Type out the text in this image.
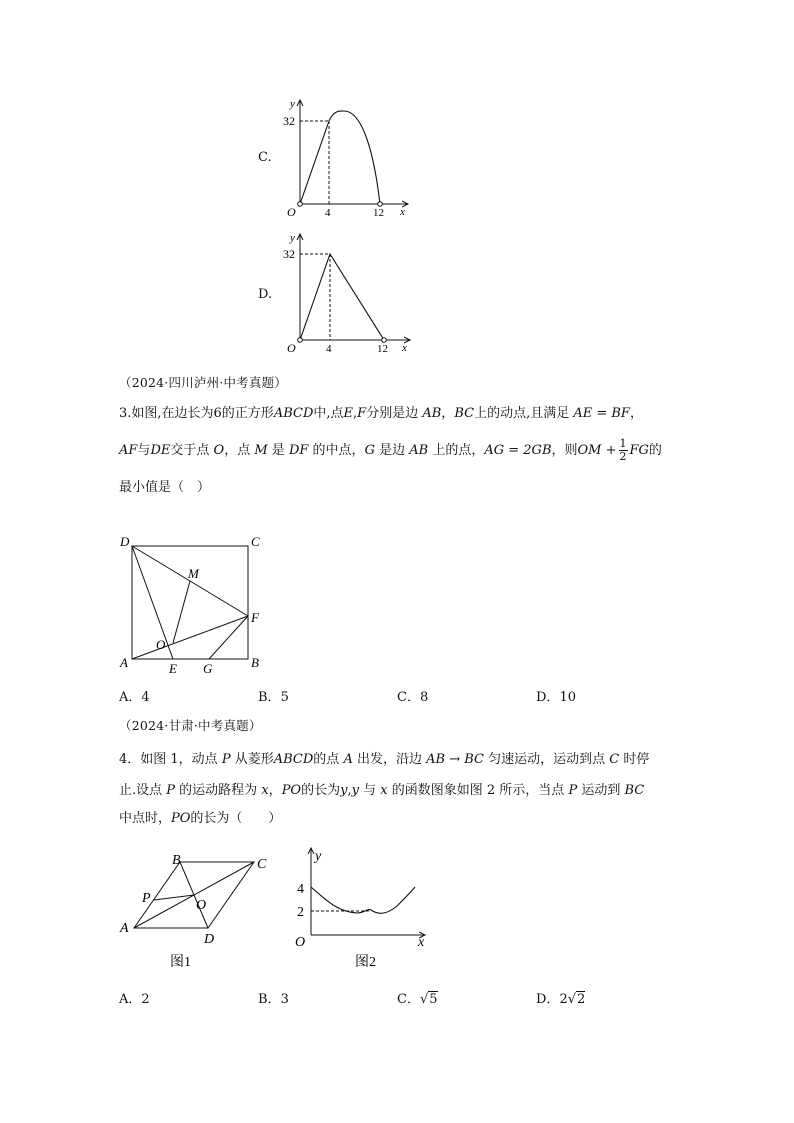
C.
y
32
O	4	12 x
D.
y
32
O	4	12 x
（2024·四川泸州·中考真题）
3.如图,在边长为6的正方形ABCD中,点E,F分别是边 AB，BC上的动点,且满足 AE = BF，
AF与DE交于点 O，点 M 是 DF 的中点，G 是边 AB 上的点，AG = 2GB，则OM + $\frac{1}{2}$ FG的
最小值是（　）
D	C
M
F
O
A	E G	B
A．4	B．5	C．8	D．10
（2024·甘肃·中考真题）
4．如图 1，动点 P 从菱形ABCD的点 A 出发，沿边 AB → BC 匀速运动，运动到点 C 时停
止.设点 P 的运动路程为 x，PO的长为y,y 与 x 的函数图象如图 2 所示，当点 P 运动到 BC
中点时，PO的长为（　　）
B	C
P	O
A
D
图1
y
4
2
O	x
图2
A．2	B．3	C．√5	D．2√2
